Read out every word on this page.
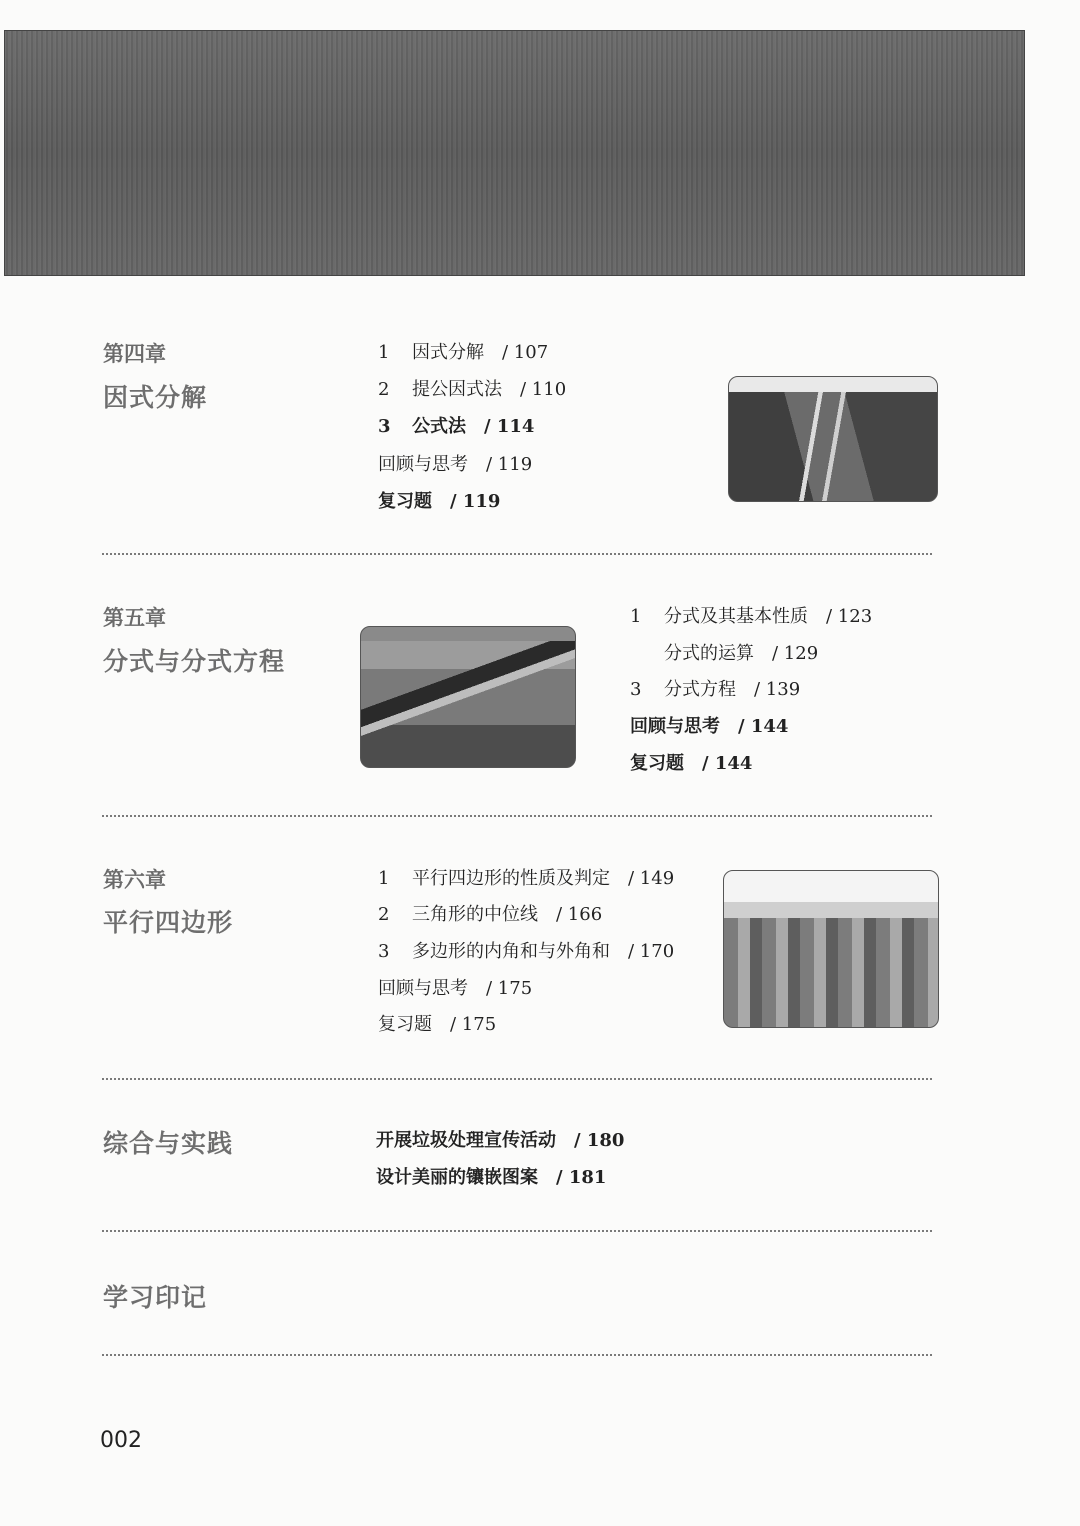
第四章
因式分解
1 因式分解 / 107
2 提公因式法 / 110
3 公式法 / 114
回顾与思考 / 119
复习题 / 119
第五章
分式与分式方程
1 分式及其基本性质 / 123
分式的运算 / 129
3 分式方程 / 139
回顾与思考 / 144
复习题 / 144
第六章
平行四边形
1 平行四边形的性质及判定 / 149
2 三角形的中位线 / 166
3 多边形的内角和与外角和 / 170
回顾与思考 / 175
复习题 / 175
综合与实践	开展垃圾处理宣传活动 / 180
设计美丽的镶嵌图案 / 181
学习印记
002
